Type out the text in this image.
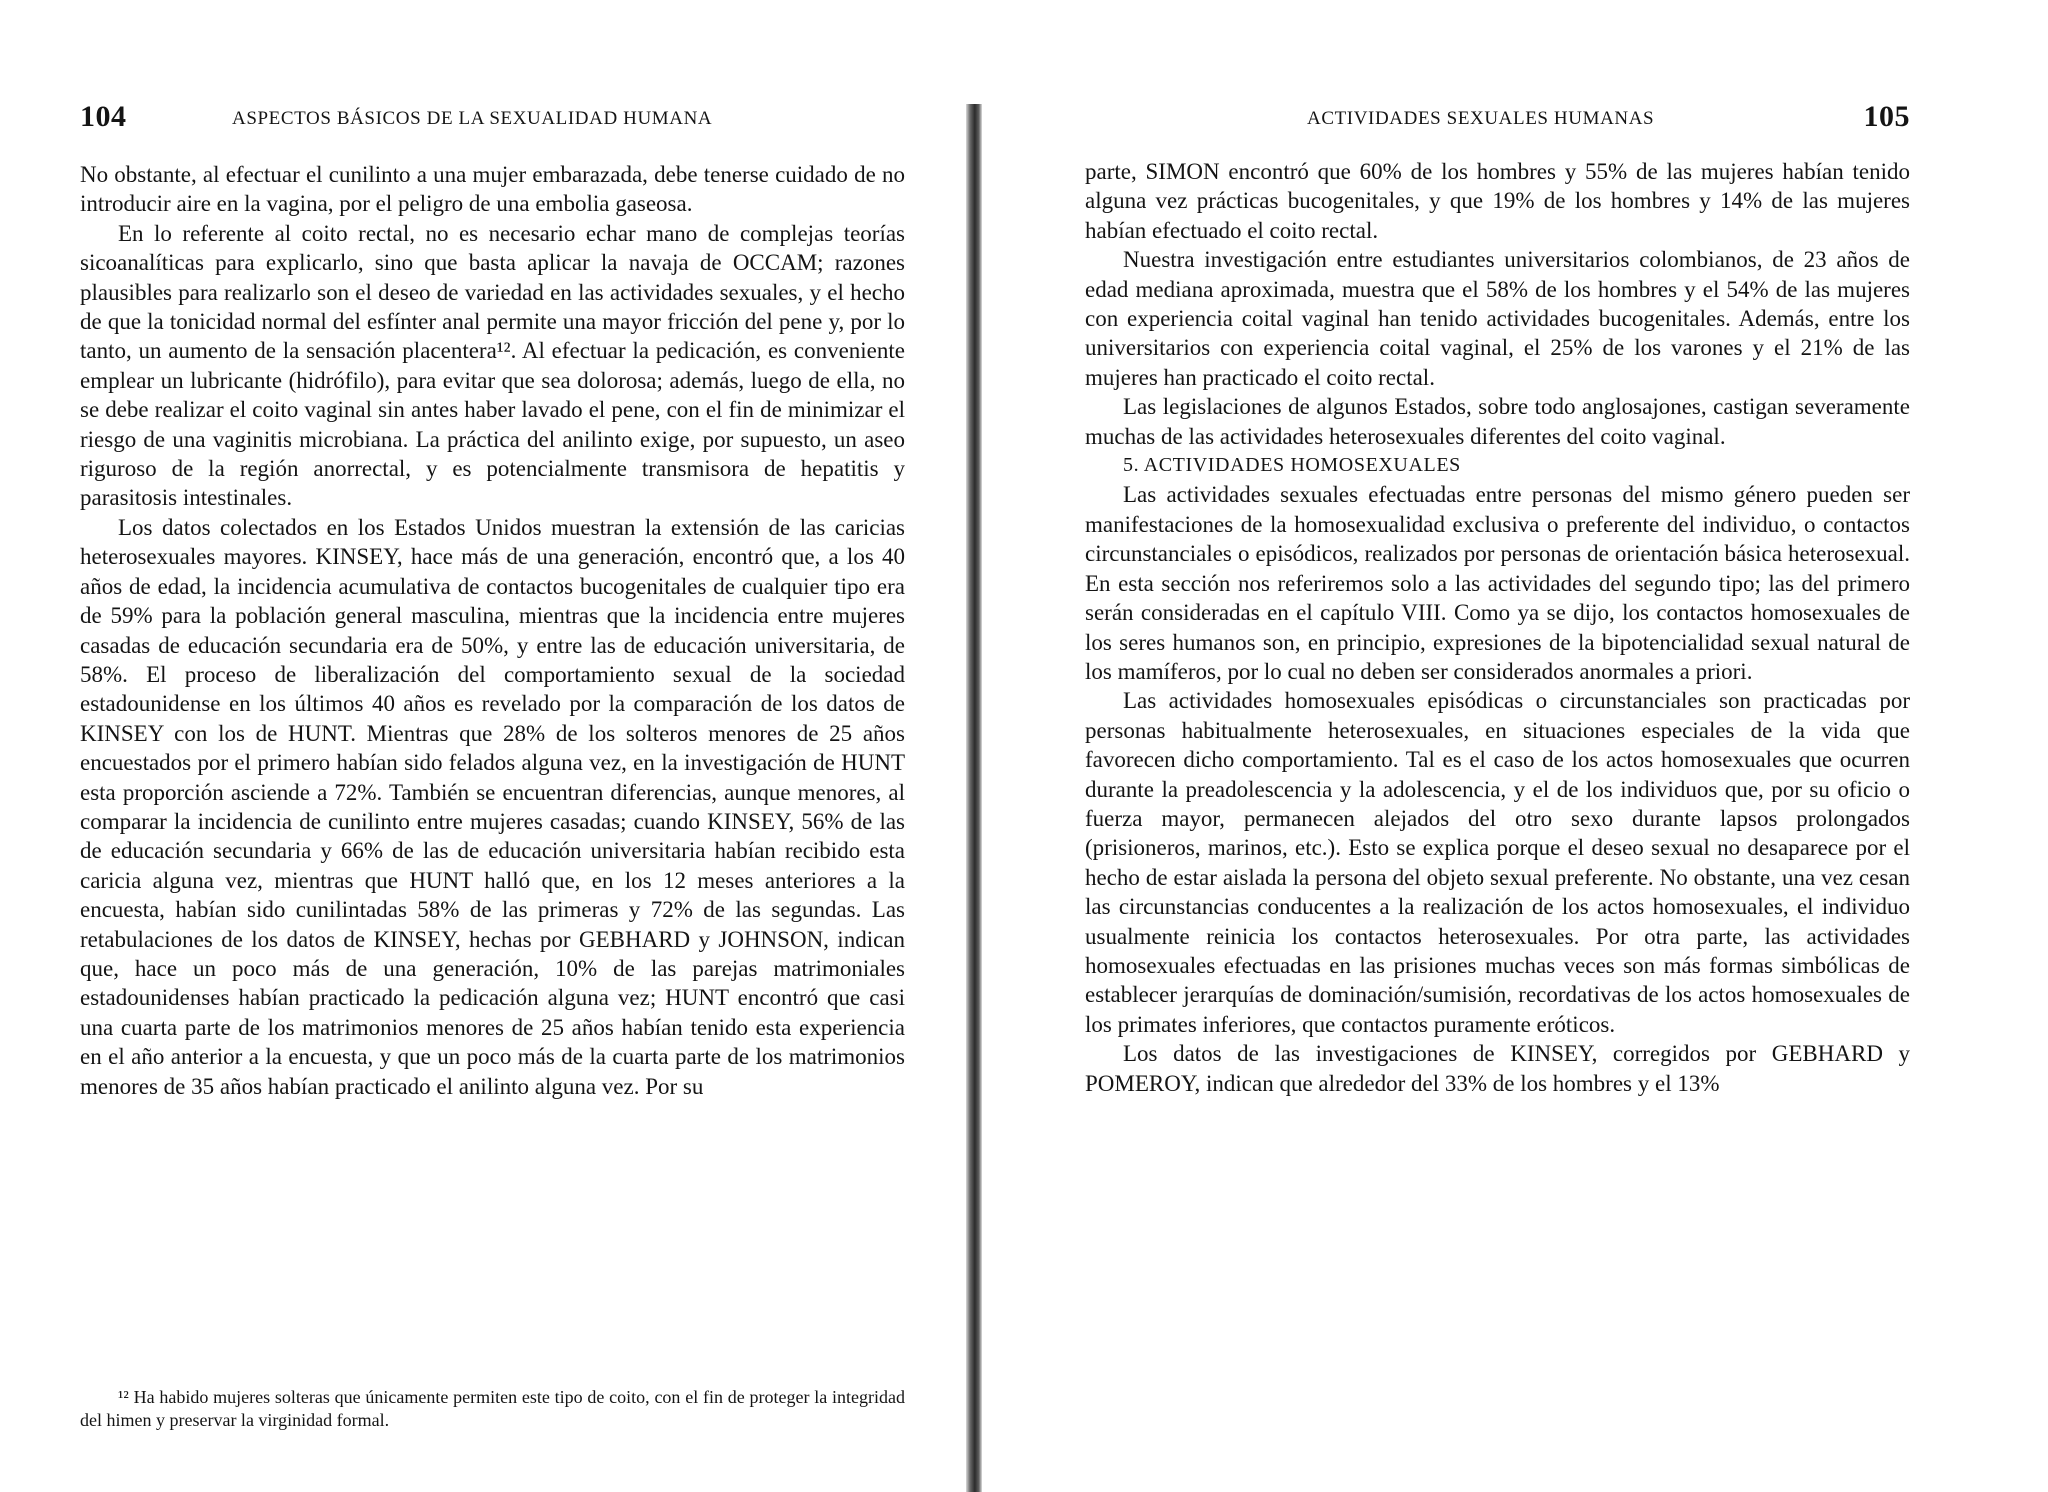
104	ASPECTOS BÁSICOS DE LA SEXUALIDAD HUMANA

No obstante, al efectuar el cunilinto a una mujer embarazada, debe tenerse cuidado de no introducir aire en la vagina, por el peligro de una embolia gaseosa.

En lo referente al coito rectal, no es necesario echar mano de complejas teorías sicoanalíticas para explicarlo, sino que basta aplicar la navaja de OCCAM; razones plausibles para realizarlo son el deseo de variedad en las actividades sexuales, y el hecho de que la tonicidad normal del esfínter anal permite una mayor fricción del pene y, por lo tanto, un aumento de la sensación placentera¹². Al efectuar la pedicación, es conveniente emplear un lubricante (hidrófilo), para evitar que sea dolorosa; además, luego de ella, no se debe realizar el coito vaginal sin antes haber lavado el pene, con el fin de minimizar el riesgo de una vaginitis microbiana. La práctica del anilinto exige, por supuesto, un aseo riguroso de la región anorrectal, y es potencialmente transmisora de hepatitis y parasitosis intestinales.

Los datos colectados en los Estados Unidos muestran la extensión de las caricias heterosexuales mayores. KINSEY, hace más de una generación, encontró que, a los 40 años de edad, la incidencia acumulativa de contactos bucogenitales de cualquier tipo era de 59% para la población general masculina, mientras que la incidencia entre mujeres casadas de educación secundaria era de 50%, y entre las de educación universitaria, de 58%. El proceso de liberalización del comportamiento sexual de la sociedad estadounidense en los últimos 40 años es revelado por la comparación de los datos de KINSEY con los de HUNT. Mientras que 28% de los solteros menores de 25 años encuestados por el primero habían sido felados alguna vez, en la investigación de HUNT esta proporción asciende a 72%. También se encuentran diferencias, aunque menores, al comparar la incidencia de cunilinto entre mujeres casadas; cuando KINSEY, 56% de las de educación secundaria y 66% de las de educación universitaria habían recibido esta caricia alguna vez, mientras que HUNT halló que, en los 12 meses anteriores a la encuesta, habían sido cunilintadas 58% de las primeras y 72% de las segundas. Las retabulaciones de los datos de KINSEY, hechas por GEBHARD y JOHNSON, indican que, hace un poco más de una generación, 10% de las parejas matrimoniales estadounidenses habían practicado la pedicación alguna vez; HUNT encontró que casi una cuarta parte de los matrimonios menores de 25 años habían tenido esta experiencia en el año anterior a la encuesta, y que un poco más de la cuarta parte de los matrimonios menores de 35 años habían practicado el anilinto alguna vez. Por su

¹² Ha habido mujeres solteras que únicamente permiten este tipo de coito, con el fin de proteger la integridad del himen y preservar la virginidad formal.
ACTIVIDADES SEXUALES HUMANAS	105

parte, SIMON encontró que 60% de los hombres y 55% de las mujeres habían tenido alguna vez prácticas bucogenitales, y que 19% de los hombres y 14% de las mujeres habían efectuado el coito rectal.

Nuestra investigación entre estudiantes universitarios colombianos, de 23 años de edad mediana aproximada, muestra que el 58% de los hombres y el 54% de las mujeres con experiencia coital vaginal han tenido actividades bucogenitales. Además, entre los universitarios con experiencia coital vaginal, el 25% de los varones y el 21% de las mujeres han practicado el coito rectal.

Las legislaciones de algunos Estados, sobre todo anglosajones, castigan severamente muchas de las actividades heterosexuales diferentes del coito vaginal.

5. ACTIVIDADES HOMOSEXUALES

Las actividades sexuales efectuadas entre personas del mismo género pueden ser manifestaciones de la homosexualidad exclusiva o preferente del individuo, o contactos circunstanciales o episódicos, realizados por personas de orientación básica heterosexual. En esta sección nos referiremos solo a las actividades del segundo tipo; las del primero serán consideradas en el capítulo VIII. Como ya se dijo, los contactos homosexuales de los seres humanos son, en principio, expresiones de la bipotencialidad sexual natural de los mamíferos, por lo cual no deben ser considerados anormales a priori.

Las actividades homosexuales episódicas o circunstanciales son practicadas por personas habitualmente heterosexuales, en situaciones especiales de la vida que favorecen dicho comportamiento. Tal es el caso de los actos homosexuales que ocurren durante la preadolescencia y la adolescencia, y el de los individuos que, por su oficio o fuerza mayor, permanecen alejados del otro sexo durante lapsos prolongados (prisioneros, marinos, etc.). Esto se explica porque el deseo sexual no desaparece por el hecho de estar aislada la persona del objeto sexual preferente. No obstante, una vez cesan las circunstancias conducentes a la realización de los actos homosexuales, el individuo usualmente reinicia los contactos heterosexuales. Por otra parte, las actividades homosexuales efectuadas en las prisiones muchas veces son más formas simbólicas de establecer jerarquías de dominación/sumisión, recordativas de los actos homosexuales de los primates inferiores, que contactos puramente eróticos.

Los datos de las investigaciones de KINSEY, corregidos por GEBHARD y POMEROY, indican que alrededor del 33% de los hombres y el 13%
